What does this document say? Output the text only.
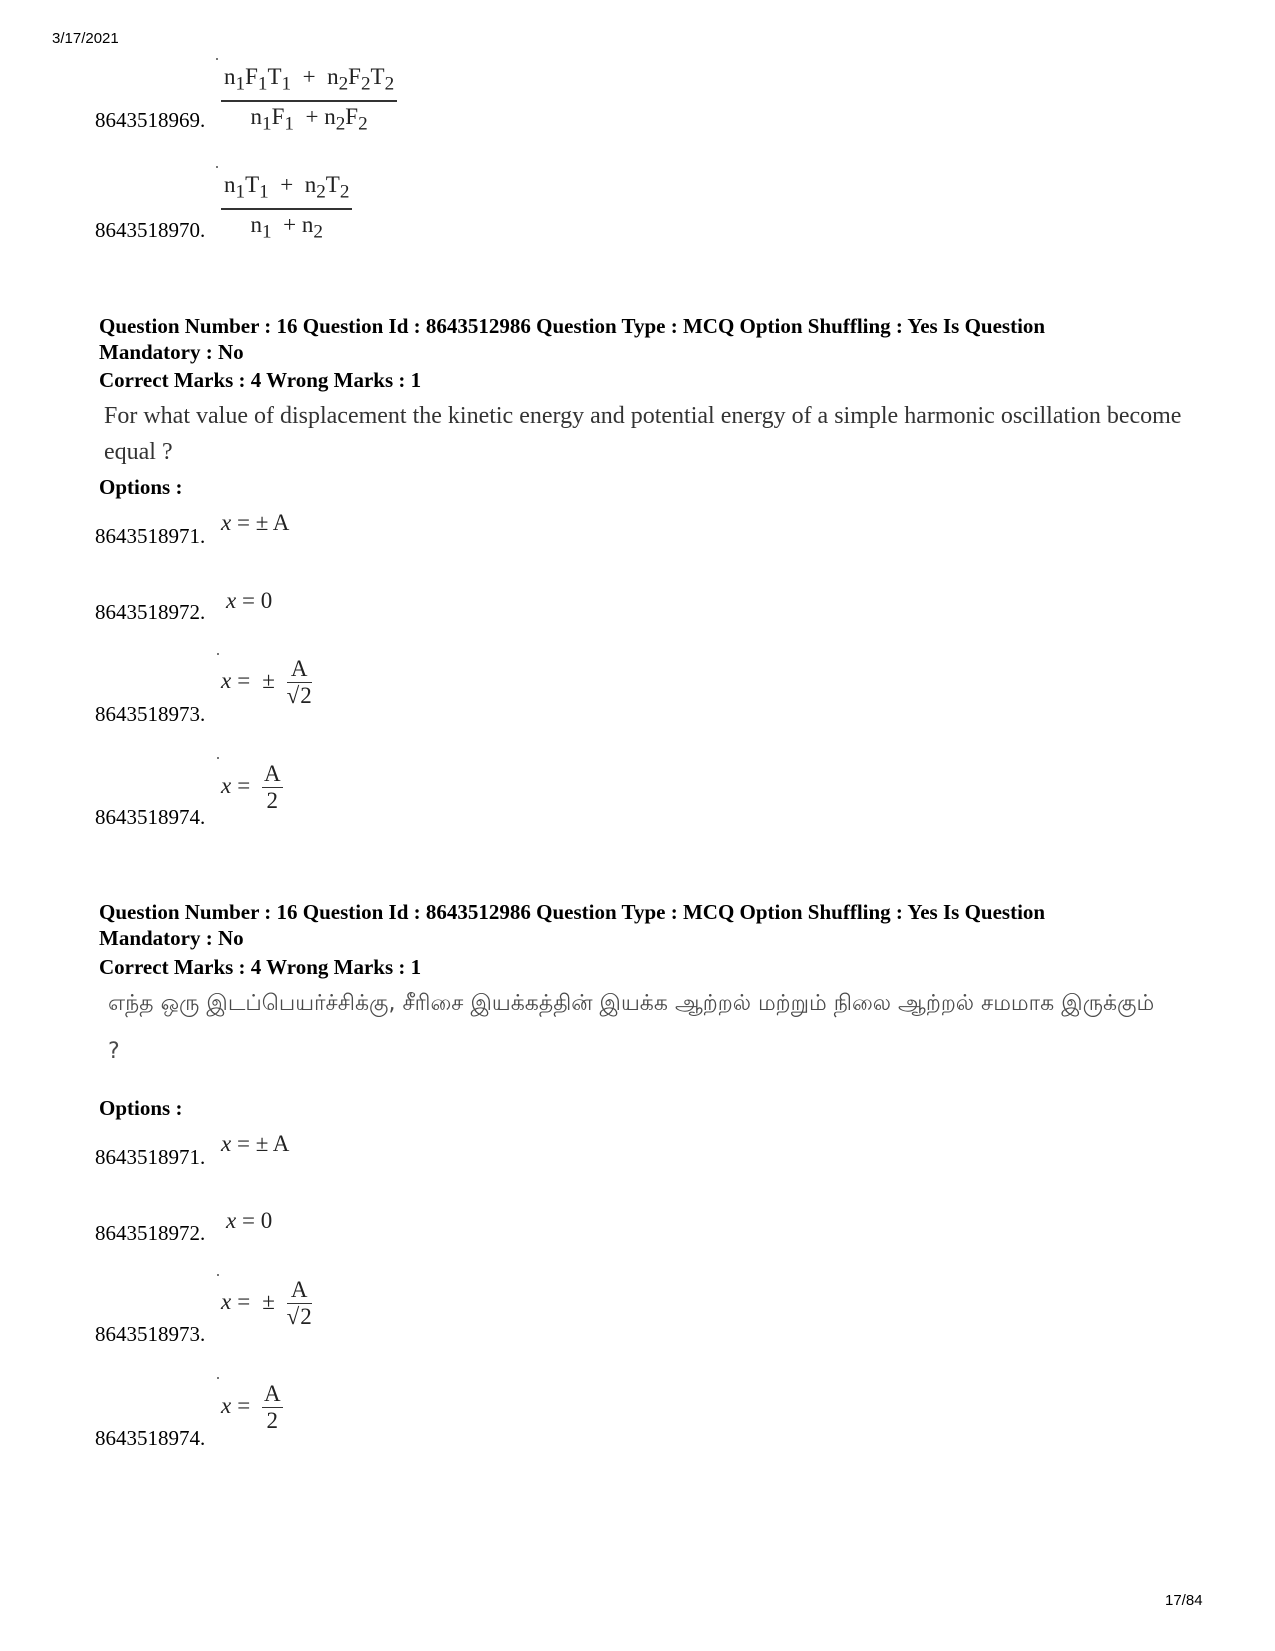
3/17/2021
17/84
$\frac{n_1F_1T_1 + n_2F_2T_2}{n_1F_1 + n_2F_2}$
8643518969.
$\frac{n_1T_1 + n_2T_2}{n_1 + n_2}$
8643518970.
Question Number : 16 Question Id : 8643512986 Question Type : MCQ Option Shuffling : Yes Is Question
Mandatory : No
Correct Marks : 4 Wrong Marks : 1
For what value of displacement the kinetic energy and potential energy of a simple harmonic oscillation become equal ?
Options :
x = ± A
8643518971.
x = 0
8643518972.
x = ± $\frac{A}{√2}$
8643518973.
$x = \frac{A}{2}$
8643518974.
Question Number : 16 Question Id : 8643512986 Question Type : MCQ Option Shuffling : Yes Is Question
Mandatory : No
Correct Marks : 4 Wrong Marks : 1
எந்த ஒரு இடப்பெயர்ச்சிக்கு, சீரிசை இயக்கத்தின் இயக்க ஆற்றல் மற்றும் நிலை ஆற்றல் சமமாக இருக்கும் ?
Options :
x = ± A
8643518971.
x = 0
8643518972.
x = ± $\frac{A}{√2}$
8643518973.
$x = \frac{A}{2}$
8643518974.
